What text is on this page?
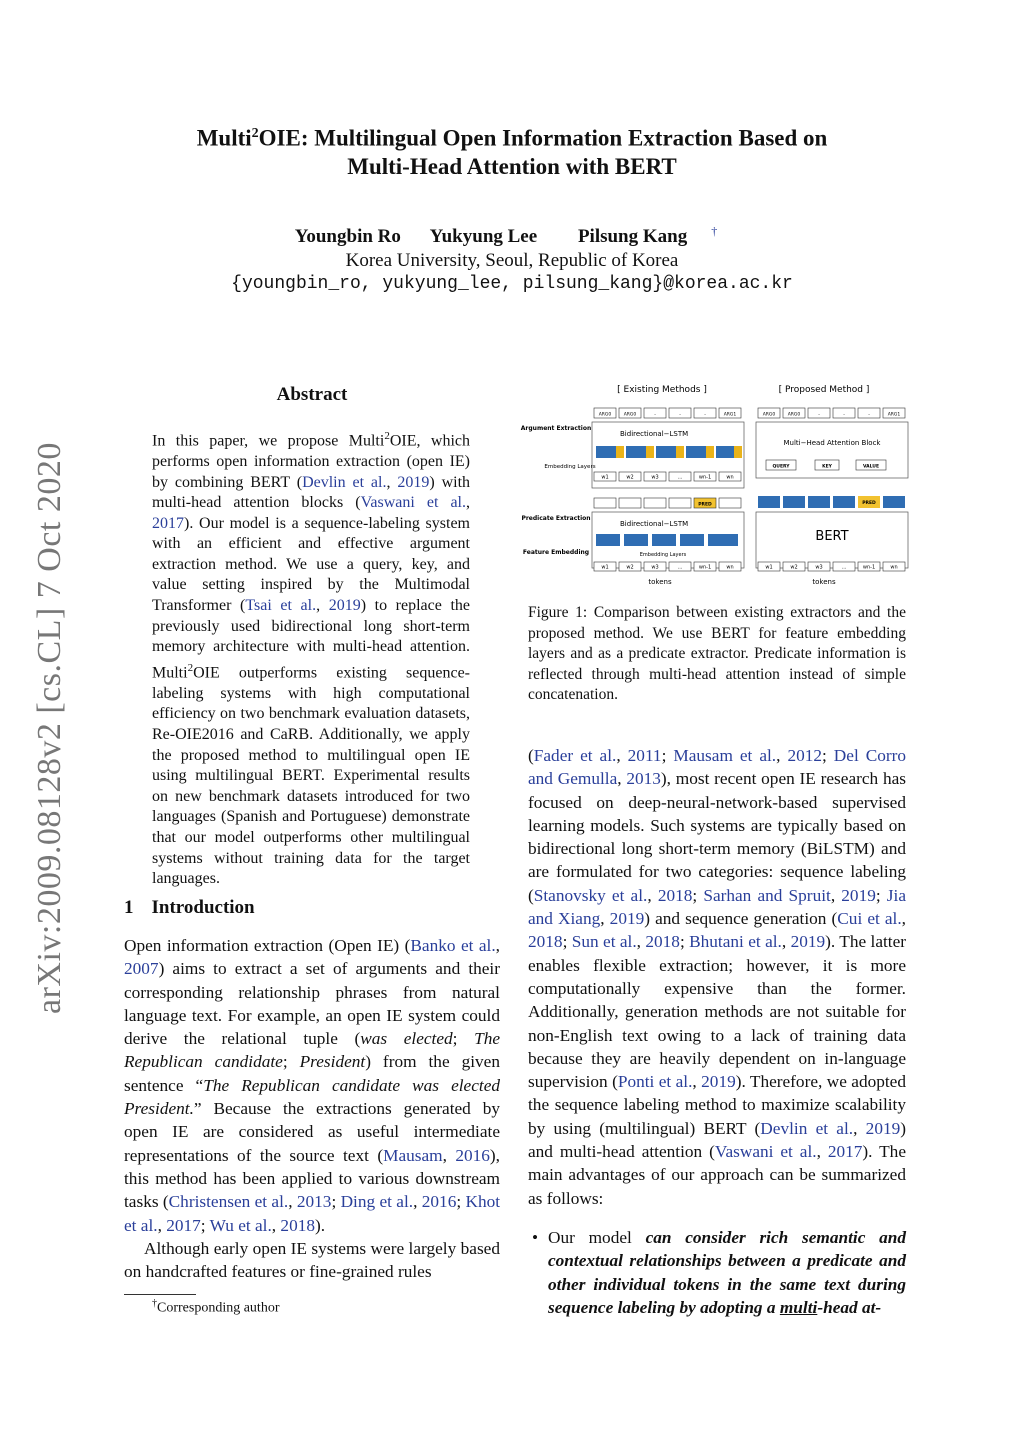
Multi$^2$OIE: Multilingual Open Information Extraction Based on
Multi-Head Attention with BERT
Youngbin Ro Yukyung Lee Pilsung Kang †
Korea University, Seoul, Republic of Korea
{youngbin_ro, yukyung_lee, pilsung_kang}@korea.ac.kr
arXiv:2009.08128v2 [cs.CL] 7 Oct 2020
Abstract
In this paper, we propose Multi$^2$OIE, which performs open information extraction (open IE) by combining BERT (Devlin et al., 2019) with multi-head attention blocks (Vaswani et al., 2017). Our model is a sequence-labeling system with an efficient and effective argument extraction method. We use a query, key, and value setting inspired by the Multimodal Transformer (Tsai et al., 2019) to replace the previously used bidirectional long short-term memory architecture with multi-head attention. Multi$^2$OIE outperforms existing sequence-labeling systems with high computational efficiency on two benchmark evaluation datasets, Re-OIE2016 and CaRB. Additionally, we apply the proposed method to multilingual open IE using multilingual BERT. Experimental results on new benchmark datasets introduced for two languages (Spanish and Portuguese) demonstrate that our model outperforms other multilingual systems without training data for the target languages.
1 Introduction

Open information extraction (Open IE) (Banko et al., 2007) aims to extract a set of arguments and their corresponding relationship phrases from natural language text. For example, an open IE system could derive the relational tuple (was elected; The Republican candidate; President) from the given sentence “The Republican candidate was elected President.” Because the extractions generated by open IE are considered as useful intermediate representations of the source text (Mausam, 2016), this method has been applied to various downstream tasks (Christensen et al., 2013; Ding et al., 2016; Khot et al., 2017; Wu et al., 2018).

Although early open IE systems were largely based on handcrafted features or fine-grained rules

†Corresponding author
[ Existing Methods ]	[ Proposed Method ]
Argument Extraction
Embedding Layers
Predicate Extraction
Feature Embedding
ARG0	ARG0	-	-	-	ARG1
Bidirectional−LSTM
w1	w2	w3	...	wn-1	wn
PRED
Bidirectional−LSTM
Embedding Layers
w1	w2	w3	...	wn-1	wn
tokens
ARG0	ARG0	-	-	-	ARG1
Multi−Head Attention Block
QUERY	KEY	VALUE
PRED
BERT
w1	w2	w3	...	wn-1	wn
tokens
Figure 1: Comparison between existing extractors and the proposed method. We use BERT for feature embedding layers and as a predicate extractor. Predicate information is reflected through multi-head attention instead of simple concatenation.

(Fader et al., 2011; Mausam et al., 2012; Del Corro and Gemulla, 2013), most recent open IE research has focused on deep-neural-network-based supervised learning models. Such systems are typically based on bidirectional long short-term memory (BiLSTM) and are formulated for two categories: sequence labeling (Stanovsky et al., 2018; Sarhan and Spruit, 2019; Jia and Xiang, 2019) and sequence generation (Cui et al., 2018; Sun et al., 2018; Bhutani et al., 2019). The latter enables flexible extraction; however, it is more computationally expensive than the former. Additionally, generation methods are not suitable for non-English text owing to a lack of training data because they are heavily dependent on in-language supervision (Ponti et al., 2019). Therefore, we adopted the sequence labeling method to maximize scalability by using (multilingual) BERT (Devlin et al., 2019) and multi-head attention (Vaswani et al., 2017). The main advantages of our approach can be summarized as follows:

• Our model can consider rich semantic and contextual relationships between a predicate and other individual tokens in the same text during sequence labeling by adopting a multi-head at-
